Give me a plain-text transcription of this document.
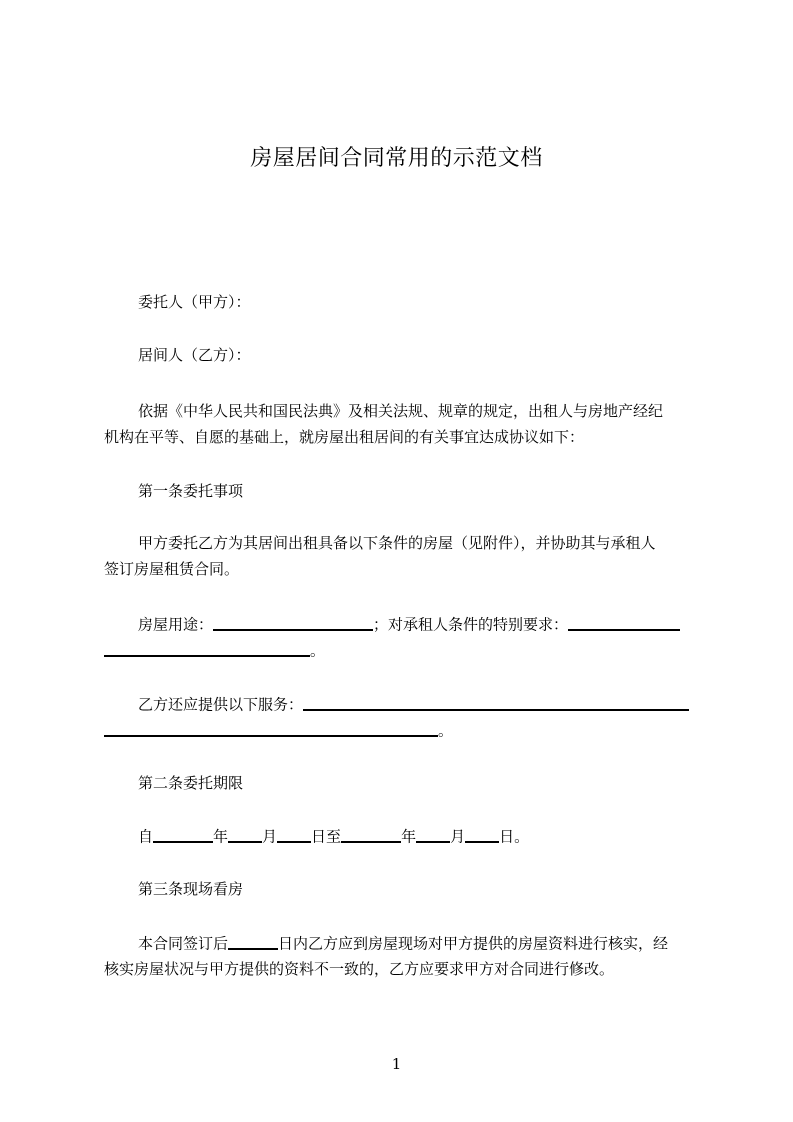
房屋居间合同常用的示范文档
委托人（甲方）：
居间人（乙方）：
依据《中华人民共和国民法典》及相关法规、规章的规定，出租人与房地产经纪
机构在平等、自愿的基础上，就房屋出租居间的有关事宜达成协议如下：
第一条委托事项
甲方委托乙方为其居间出租具备以下条件的房屋（见附件），并协助其与承租人
签订房屋租赁合同。
房屋用途：	；对承租人条件的特别要求：
。
乙方还应提供以下服务：
。
第二条委托期限
自	年 月 日至	年 月 日。
第三条现场看房
本合同签订后	日内乙方应到房屋现场对甲方提供的房屋资料进行核实，经
核实房屋状况与甲方提供的资料不一致的，乙方应要求甲方对合同进行修改。
1
